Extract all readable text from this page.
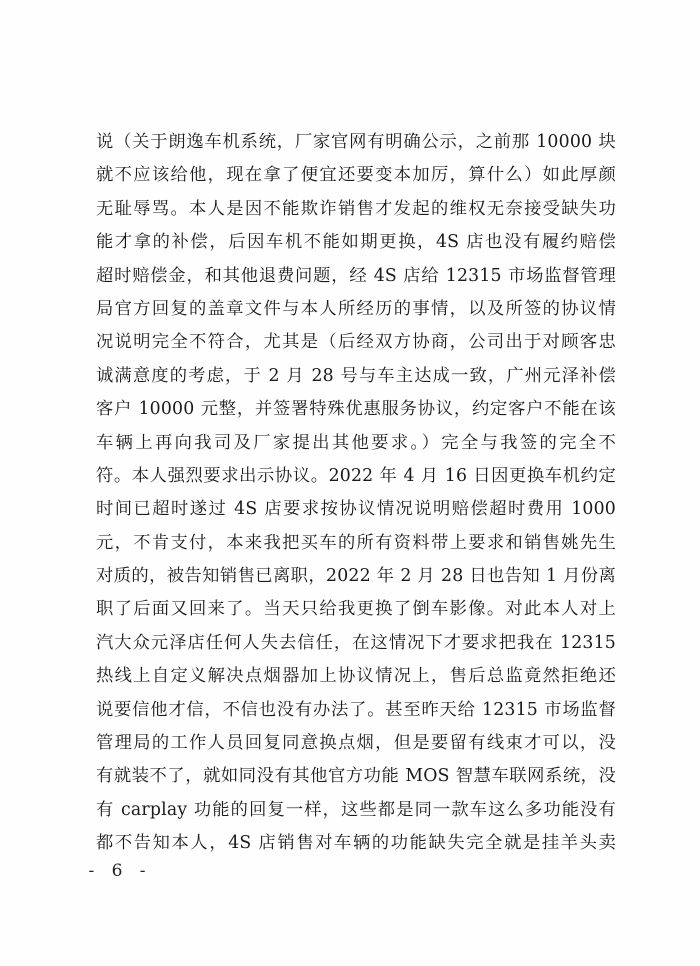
说（关于朗逸车机系统，厂家官网有明确公示，之前那 10000 块
就不应该给他，现在拿了便宜还要变本加厉，算什么）如此厚颜
无耻辱骂。本人是因不能欺诈销售才发起的维权无奈接受缺失功
能才拿的补偿，后因车机不能如期更换，4S 店也没有履约赔偿
超时赔偿金，和其他退费问题，经 4S 店给 12315 市场监督管理
局官方回复的盖章文件与本人所经历的事情，以及所签的协议情
况说明完全不符合，尤其是（后经双方协商，公司出于对顾客忠
诚满意度的考虑，于 2 月 28 号与车主达成一致，广州元泽补偿
客户 10000 元整，并签署特殊优惠服务协议，约定客户不能在该
车辆上再向我司及厂家提出其他要求。）完全与我签的完全不
符。本人强烈要求出示协议。2022 年 4 月 16 日因更换车机约定
时间已超时遂过 4S 店要求按协议情况说明赔偿超时费用 1000
元，不肯支付，本来我把买车的所有资料带上要求和销售姚先生
对质的，被告知销售已离职，2022 年 2 月 28 日也告知 1 月份离
职了后面又回来了。当天只给我更换了倒车影像。对此本人对上
汽大众元泽店任何人失去信任，在这情况下才要求把我在 12315
热线上自定义解决点烟器加上协议情况上，售后总监竟然拒绝还
说要信他才信，不信也没有办法了。甚至昨天给 12315 市场监督
管理局的工作人员回复同意换点烟，但是要留有线束才可以，没
有就装不了，就如同没有其他官方功能 MOS 智慧车联网系统，没
有 carplay 功能的回复一样，这些都是同一款车这么多功能没有
都不告知本人，4S 店销售对车辆的功能缺失完全就是挂羊头卖
- 6 -
